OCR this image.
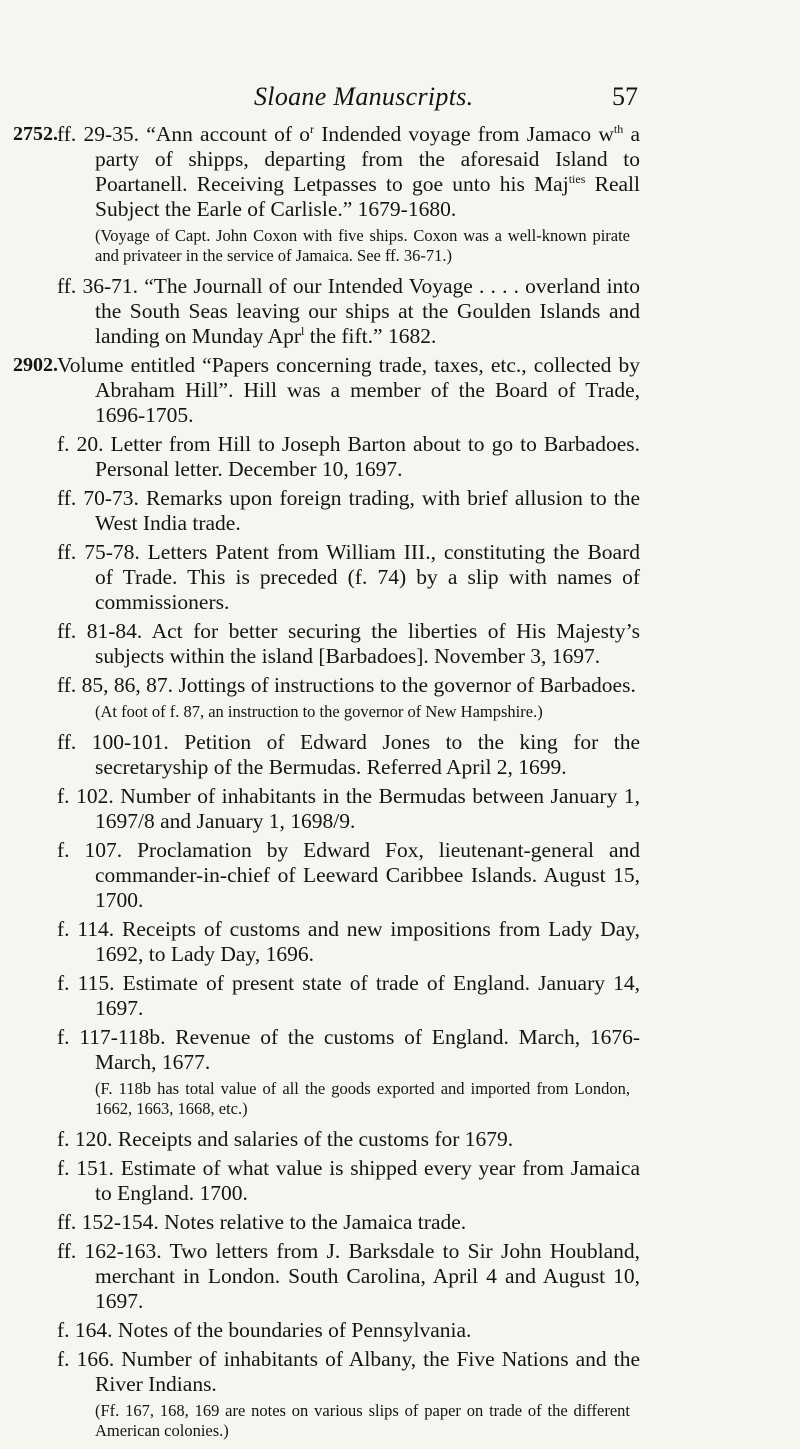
Sloane Manuscripts.	57
2752. ff. 29-35. “Ann account of $o^r$ Indended voyage from Jamaco $w^{th}$ a party of shipps, departing from the aforesaid Island to Poartanell. Receiving Letpasses to goe unto his Maj$^{ties}$ Reall Subject the Earle of Carlisle.” 1679-1680.
(Voyage of Capt. John Coxon with five ships. Coxon was a well-known pirate and privateer in the service of Jamaica. See ff. 36-71.)
ff. 36-71. “The Journall of our Intended Voyage . . . . overland into the South Seas leaving our ships at the Goulden Islands and landing on Munday Apr$^l$ the fift.” 1682.
2902. Volume entitled “Papers concerning trade, taxes, etc., collected by Abraham Hill”. Hill was a member of the Board of Trade, 1696-1705.
f. 20. Letter from Hill to Joseph Barton about to go to Barbadoes. Personal letter. December 10, 1697.
ff. 70-73. Remarks upon foreign trading, with brief allusion to the West India trade.
ff. 75-78. Letters Patent from William III., constituting the Board of Trade. This is preceded (f. 74) by a slip with names of commissioners.
ff. 81-84. Act for better securing the liberties of His Majesty’s subjects within the island [Barbadoes]. November 3, 1697.
ff. 85, 86, 87. Jottings of instructions to the governor of Barbadoes.
(At foot of f. 87, an instruction to the governor of New Hampshire.)
ff. 100-101. Petition of Edward Jones to the king for the secretaryship of the Bermudas. Referred April 2, 1699.
f. 102. Number of inhabitants in the Bermudas between January 1, 1697/8 and January 1, 1698/9.
f. 107. Proclamation by Edward Fox, lieutenant-general and commander-in-chief of Leeward Caribbee Islands. August 15, 1700.
f. 114. Receipts of customs and new impositions from Lady Day, 1692, to Lady Day, 1696.
f. 115. Estimate of present state of trade of England. January 14, 1697.
f. 117-118b. Revenue of the customs of England. March, 1676-March, 1677.
(F. 118b has total value of all the goods exported and imported from London, 1662, 1663, 1668, etc.)
f. 120. Receipts and salaries of the customs for 1679.
f. 151. Estimate of what value is shipped every year from Jamaica to England. 1700.
ff. 152-154. Notes relative to the Jamaica trade.
ff. 162-163. Two letters from J. Barksdale to Sir John Houbland, merchant in London. South Carolina, April 4 and August 10, 1697.
f. 164. Notes of the boundaries of Pennsylvania.
f. 166. Number of inhabitants of Albany, the Five Nations and the River Indians.
(Ff. 167, 168, 169 are notes on various slips of paper on trade of the different American colonies.)
